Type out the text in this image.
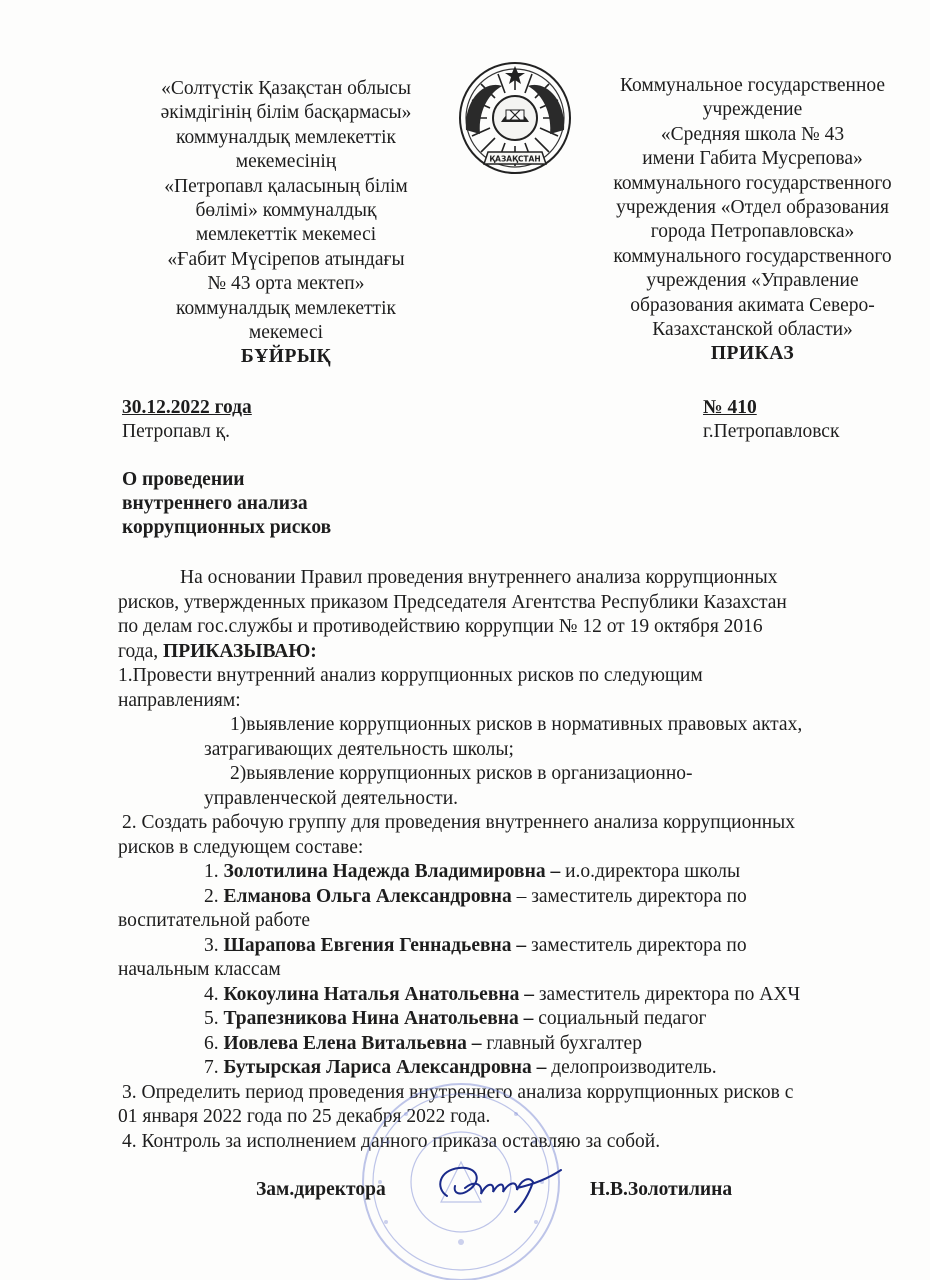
«Солтүстік Қазақстан облысы
әкімдігінің білім басқармасы»
коммуналдық мемлекеттік
мекемесінің
«Петропавл қаласының білім
бөлімі» коммуналдық
мемлекеттік мекемесі
«Ғабит Мүсірепов атындағы
№ 43 орта мектеп»
коммуналдық мемлекеттік
мекемесі
БҰЙРЫҚ
ҚАЗАҚСТАН
Коммунальное государственное
учреждение
«Средняя школа № 43
имени Габита Мусрепова»
коммунального государственного
учреждения «Отдел образования
города Петропавловска»
коммунального государственного
учреждения «Управление
образования акимата Северо-
Казахстанской области»
ПРИКАЗ
30.12.2022 года
Петропавл қ.
№ 410
г.Петропавловск
О проведении
внутреннего анализа
коррупционных рисков
На основании Правил проведения внутреннего анализа коррупционных
рисков, утвержденных приказом Председателя Агентства Республики Казахстан
по делам гос.службы и противодействию коррупции № 12 от 19 октября 2016
года, ПРИКАЗЫВАЮ:
1.Провести внутренний анализ коррупционных рисков по следующим
направлениям:
1)выявление коррупционных рисков в нормативных правовых актах,
затрагивающих деятельность школы;
2)выявление коррупционных рисков в организационно-
управленческой деятельности.
2. Создать рабочую группу для проведения внутреннего анализа коррупционных
рисков в следующем составе:
1. Золотилина Надежда Владимировна – и.о.директора школы
2. Елманова Ольга Александровна – заместитель директора по
воспитательной работе
3. Шарапова Евгения Геннадьевна – заместитель директора по
начальным классам
4. Кокоулина Наталья Анатольевна – заместитель директора по АХЧ
5. Трапезникова Нина Анатольевна – социальный педагог
6. Иовлева Елена Витальевна – главный бухгалтер
7. Бутырская Лариса Александровна – делопроизводитель.
3. Определить период проведения внутреннего анализа коррупционных рисков с
01 января 2022 года по 25 декабря 2022 года.
4. Контроль за исполнением данного приказа оставляю за собой.
Зам.директора	Н.В.Золотилина
